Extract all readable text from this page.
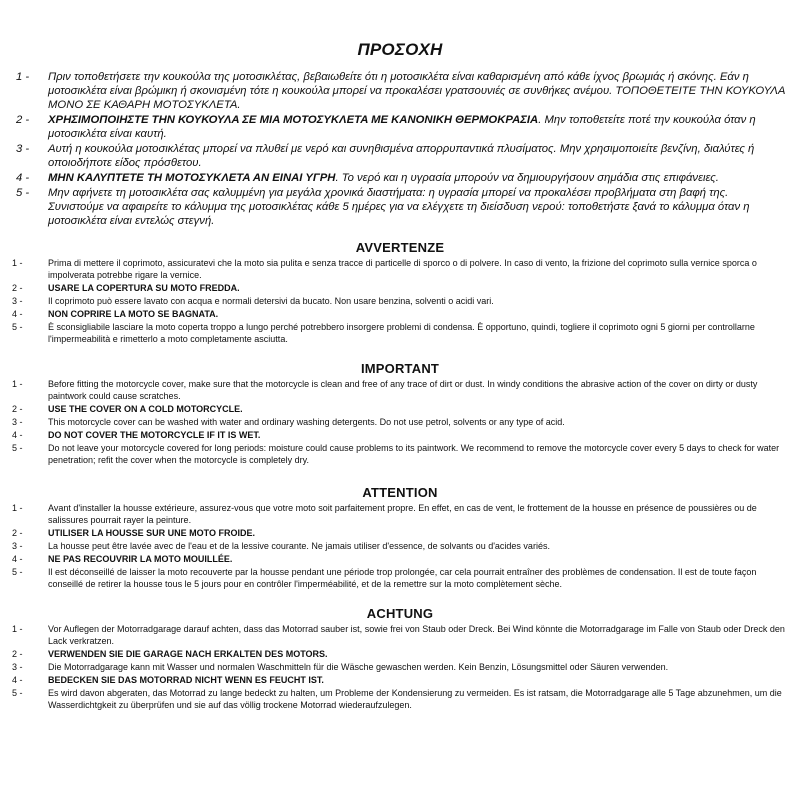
ΠΡΟΣΟΧΗ

1 - Πριν τοποθετήσετε την κουκούλα της μοτοσικλέτας, βεβαιωθείτε ότι η μοτοσικλέτα είναι καθαρισμένη από κάθε ίχνος βρωμιάς ή σκόνης. Εάν η μοτοσικλέτα είναι βρώμικη ή σκονισμένη τότε η κουκούλα μπορεί να προκαλέσει γρατσουνιές σε συνθήκες ανέμου. ΤΟΠΟΘΕΤΕΙΤΕ ΤΗΝ ΚΟΥΚΟΥΛΑ ΜΟΝΟ ΣΕ ΚΑΘΑΡΗ ΜΟΤΟΣΥΚΛΕΤΑ.

2 - ΧΡΗΣΙΜΟΠΟΙΗΣΤΕ ΤΗΝ ΚΟΥΚΟΥΛΑ ΣΕ ΜΙΑ ΜΟΤΟΣΥΚΛΕΤΑ ΜΕ ΚΑΝΟΝΙΚΗ ΘΕΡΜΟΚΡΑΣΙΑ. Μην τοποθετείτε ποτέ την κουκούλα όταν η μοτοσικλέτα είναι καυτή.

3 - Αυτή η κουκούλα μοτοσικλέτας μπορεί να πλυθεί με νερό και συνηθισμένα απορρυπαντικά πλυσίματος. Μην χρησιμοποιείτε βενζίνη, διαλύτες ή οποιοδήποτε είδος πρόσθετου.

4 - ΜΗΝ ΚΑΛΥΠΤΕΤΕ ΤΗ ΜΟΤΟΣΥΚΛΕΤΑ ΑΝ ΕΙΝΑΙ ΥΓΡΗ. Το νερό και η υγρασία μπορούν να δημιουργήσουν σημάδια στις επιφάνειες.

5 - Μην αφήνετε τη μοτοσικλέτα σας καλυμμένη για μεγάλα χρονικά διαστήματα: η υγρασία μπορεί να προκαλέσει προβλήματα στη βαφή της. Συνιστούμε να αφαιρείτε το κάλυμμα της μοτοσικλέτας κάθε 5 ημέρες για να ελέγχετε τη διείσδυση νερού: τοποθετήστε ξανά το κάλυμμα όταν η μοτοσικλέτα είναι εντελώς στεγνή.

AVVERTENZE

1 -	Prima di mettere il coprimoto, assicuratevi che la moto sia pulita e senza tracce di particelle di sporco o di polvere. In caso di vento, la frizione del coprimoto sulla vernice sporca o impolverata potrebbe rigare la vernice.

2 -	USARE LA COPERTURA SU MOTO FREDDA.

3 -	Il coprimoto può essere lavato con acqua e normali detersivi da bucato. Non usare benzina, solventi o acidi vari.

4 -	NON COPRIRE LA MOTO SE BAGNATA.

5 -	È sconsigliabile lasciare la moto coperta troppo a lungo perché potrebbero insorgere problemi di condensa. È opportuno, quindi, togliere il coprimoto ogni 5 giorni per controllarne l'impermeabilità e rimetterlo a moto completamente asciutta.

IMPORTANT

1 -	Before fitting the motorcycle cover, make sure that the motorcycle is clean and free of any trace of dirt or dust. In windy conditions the abrasive action of the cover on dirty or dusty paintwork could cause scratches.

2 -	USE THE COVER ON A COLD MOTORCYCLE.

3 -	This motorcycle cover can be washed with water and ordinary washing detergents. Do not use petrol, solvents or any type of acid.

4 -	DO NOT COVER THE MOTORCYCLE IF IT IS WET.

5 -	Do not leave your motorcycle covered for long periods: moisture could cause problems to its paintwork. We recommend to remove the motorcycle cover every 5 days to check for water penetration; refit the cover when the motorcycle is completely dry.

ATTENTION

1 -	Avant d'installer la housse extérieure, assurez-vous que votre moto soit parfaitement propre. En effet, en cas de vent, le frottement de la housse en présence de poussières ou de salissures pourrait rayer la peinture.

2 -	UTILISER LA HOUSSE SUR UNE MOTO FROIDE.

3 -	La housse peut être lavée avec de l'eau et de la lessive courante. Ne jamais utiliser d'essence, de solvants ou d'acides variés.

4 -	NE PAS RECOUVRIR LA MOTO MOUILLÉE.

5 -	Il est déconseillé de laisser la moto recouverte par la housse pendant une période trop prolongée, car cela pourrait entraîner des problèmes de condensation. Il est de toute façon conseillé de retirer la housse tous le 5 jours pour en contrôler l'imperméabilité, et de la remettre sur la moto complètement sèche.

ACHTUNG

1 -	Vor Auflegen der Motorradgarage darauf achten, dass das Motorrad sauber ist, sowie frei von Staub oder Dreck. Bei Wind könnte die Motorradgarage im Falle von Staub oder Dreck den Lack verkratzen.

2 -	VERWENDEN SIE DIE GARAGE NACH ERKALTEN DES MOTORS.

3 -	Die Motorradgarage kann mit Wasser und normalen Waschmitteln für die Wäsche gewaschen werden. Kein Benzin, Lösungsmittel oder Säuren verwenden.

4 -	BEDECKEN SIE DAS MOTORRAD NICHT WENN ES FEUCHT IST.

5 -	Es wird davon abgeraten, das Motorrad zu lange bedeckt zu halten, um Probleme der Kondensierung zu vermeiden. Es ist ratsam, die Motorradgarage alle 5 Tage abzunehmen, um die Wasserdichtgkeit zu überprüfen und sie auf das völlig trockene Motorrad wiederaufzulegen.
